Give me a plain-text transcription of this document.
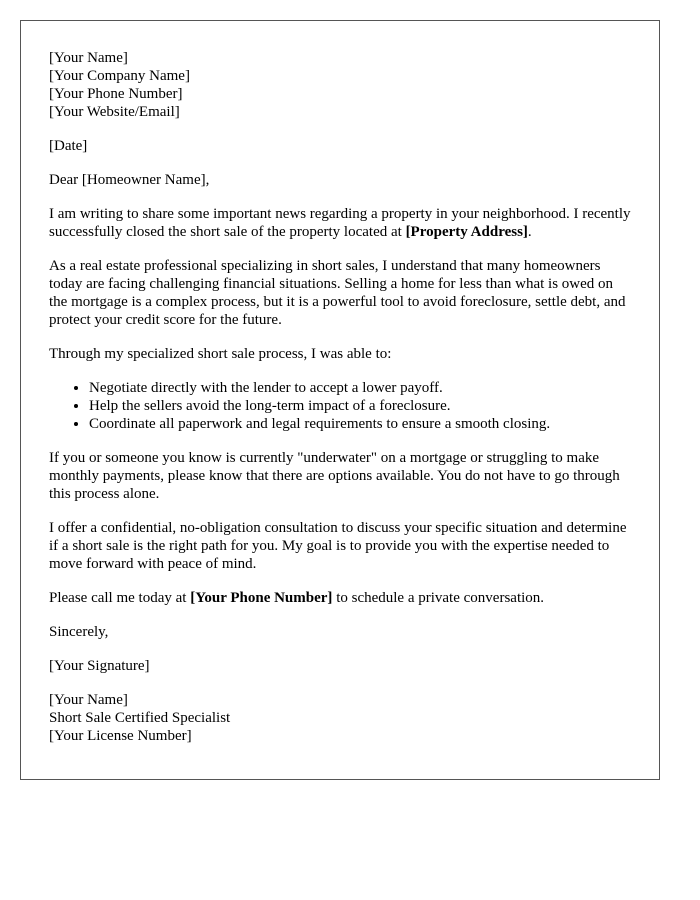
[Your Name]
[Your Company Name]
[Your Phone Number]
[Your Website/Email]

[Date]

Dear [Homeowner Name],

I am writing to share some important news regarding a property in your neighborhood. I recently successfully closed the short sale of the property located at [Property Address].

As a real estate professional specializing in short sales, I understand that many homeowners today are facing challenging financial situations. Selling a home for less than what is owed on the mortgage is a complex process, but it is a powerful tool to avoid foreclosure, settle debt, and protect your credit score for the future.

Through my specialized short sale process, I was able to:

• Negotiate directly with the lender to accept a lower payoff.
• Help the sellers avoid the long-term impact of a foreclosure.
• Coordinate all paperwork and legal requirements to ensure a smooth closing.

If you or someone you know is currently "underwater" on a mortgage or struggling to make monthly payments, please know that there are options available. You do not have to go through this process alone.

I offer a confidential, no-obligation consultation to discuss your specific situation and determine if a short sale is the right path for you. My goal is to provide you with the expertise needed to move forward with peace of mind.

Please call me today at [Your Phone Number] to schedule a private conversation.

Sincerely,

[Your Signature]

[Your Name]
Short Sale Certified Specialist
[Your License Number]
